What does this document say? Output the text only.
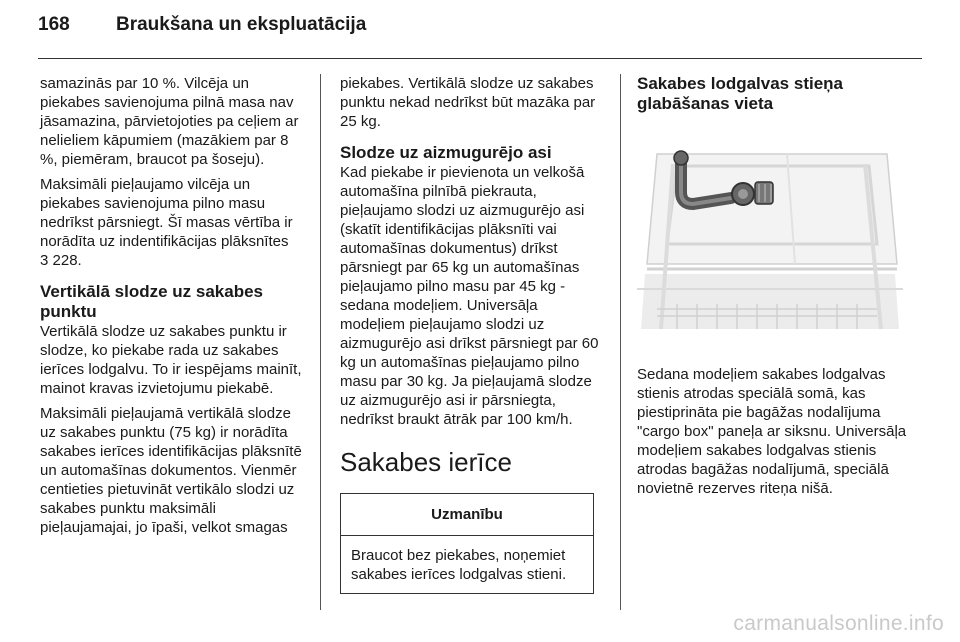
168	Braukšana un ekspluatācija

samazinās par 10 %. Vilcēja un piekabes savienojuma pilnā masa nav jāsamazina, pārvietojoties pa ceļiem ar nelieliem kāpumiem (mazākiem par 8 %, piemēram, braucot pa šoseju).

Maksimāli pieļaujamo vilcēja un piekabes savienojuma pilno masu nedrīkst pārsniegt. Šī masas vērtība ir norādīta uz indentifikācijas plāksnītes
3 228.

Vertikālā slodze uz sakabes punktu

Vertikālā slodze uz sakabes punktu ir slodze, ko piekabe rada uz sakabes ierīces lodgalvu. To ir iespējams mainīt, mainot kravas izvietojumu piekabē.

Maksimāli pieļaujamā vertikālā slodze uz sakabes punktu (75 kg) ir norādīta sakabes ierīces identifikācijas plāksnītē un automašīnas dokumentos. Vienmēr centieties pietuvināt vertikālo slodzi uz sakabes punktu maksimāli pieļaujamajai, jo īpaši, velkot smagas

piekabes. Vertikālā slodze uz sakabes punktu nekad nedrīkst būt mazāka par 25 kg.

Slodze uz aizmugurējo asi

Kad piekabe ir pievienota un velkošā automašīna pilnībā piekrauta, pieļaujamo slodzi uz aizmugurējo asi (skatīt identifikācijas plāksnīti vai automašīnas dokumentus) drīkst pārsniegt par 65 kg un automašīnas pieļaujamo pilno masu par 45 kg - sedana modeļiem. Universāļa modeļiem pieļaujamo slodzi uz aizmugurējo asi drīkst pārsniegt par 60 kg un automašīnas pieļaujamo pilno masu par 30 kg. Ja pieļaujamā slodze uz aizmugurējo asi ir pārsniegta, nedrīkst braukt ātrāk par 100 km/h.

Sakabes ierīce
Uzmanību
Braucot bez piekabes, noņemiet sakabes ierīces lodgalvas stieni.
Sakabes lodgalvas stieņa glabāšanas vieta

Sedana modeļiem sakabes lodgalvas stienis atrodas speciālā somā, kas piestiprināta pie bagāžas nodalījuma "cargo box" paneļa ar siksnu. Universāļa modeļiem sakabes lodgalvas stienis atrodas bagāžas nodalījumā, speciālā novietnē rezerves riteņa nišā.

carmanualsonline.info
